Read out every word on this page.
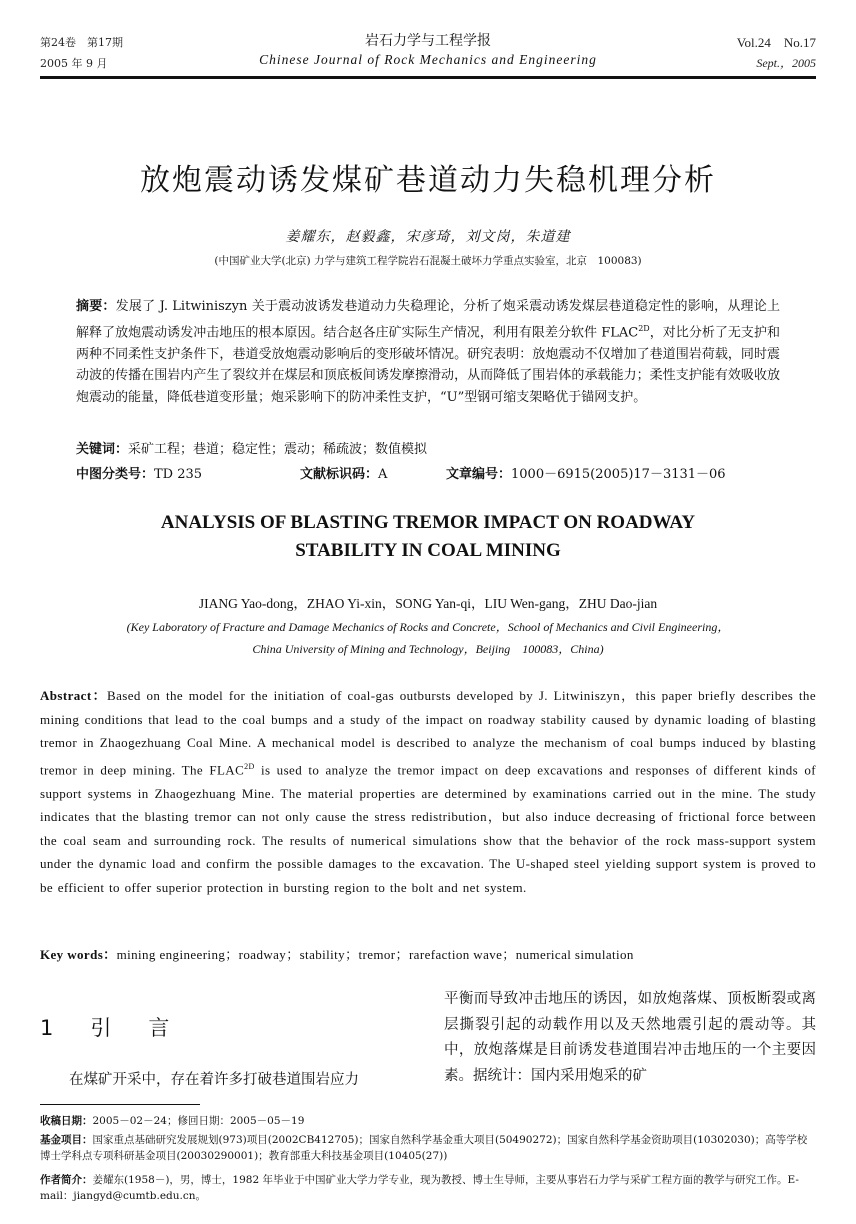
第24卷　第17期
2005 年 9 月
岩石力学与工程学报
Chinese Journal of Rock Mechanics and Engineering
Vol.24　No.17
Sept.，2005
放炮震动诱发煤矿巷道动力失稳机理分析
姜耀东，赵毅鑫，宋彦琦，刘文岗，朱道建
(中国矿业大学(北京) 力学与建筑工程学院岩石混凝土破坏力学重点实验室，北京　100083)
摘要：发展了 J. Litwiniszyn 关于震动波诱发巷道动力失稳理论，分析了炮采震动诱发煤层巷道稳定性的影响，从理论上解释了放炮震动诱发冲击地压的根本原因。结合赵各庄矿实际生产情况，利用有限差分软件 $FLAC^{2D}$，对比分析了无支护和两种不同柔性支护条件下，巷道受放炮震动影响后的变形破坏情况。研究表明：放炮震动不仅增加了巷道围岩荷载，同时震动波的传播在围岩内产生了裂纹并在煤层和顶底板间诱发摩擦滑动，从而降低了围岩体的承载能力；柔性支护能有效吸收放炮震动的能量，降低巷道变形量；炮采影响下的防冲柔性支护，“U”型钢可缩支架略优于锚网支护。
关键词：采矿工程；巷道；稳定性；震动；稀疏波；数值模拟
中图分类号：TD 235	文献标识码：A	文章编号：1000－6915(2005)17－3131－06
ANALYSIS OF BLASTING TREMOR IMPACT ON ROADWAY
STABILITY IN COAL MINING
JIANG Yao-dong，ZHAO Yi-xin，SONG Yan-qi，LIU Wen-gang，ZHU Dao-jian
(Key Laboratory of Fracture and Damage Mechanics of Rocks and Concrete，School of Mechanics and Civil Engineering，
China University of Mining and Technology，Beijing　100083，China)
Abstract：Based on the model for the initiation of coal-gas outbursts developed by J. Litwiniszyn，this paper briefly describes the mining conditions that lead to the coal bumps and a study of the impact on roadway stability caused by dynamic loading of blasting tremor in Zhaogezhuang Coal Mine. A mechanical model is described to analyze the mechanism of coal bumps induced by blasting tremor in deep mining. The $FLAC^{2D}$ is used to analyze the tremor impact on deep excavations and responses of different kinds of support systems in Zhaogezhuang Mine. The material properties are determined by examinations carried out in the mine. The study indicates that the blasting tremor can not only cause the stress redistribution，but also induce decreasing of frictional force between the coal seam and surrounding rock. The results of numerical simulations show that the behavior of the rock mass-support system under the dynamic load and confirm the possible damages to the excavation. The U-shaped steel yielding support system is proved to be efficient to offer superior protection in bursting region to the bolt and net system.
Key words：mining engineering；roadway；stability；tremor；rarefaction wave；numerical simulation
1　引　言
在煤矿开采中，存在着许多打破巷道围岩应力
平衡而导致冲击地压的诱因，如放炮落煤、顶板断裂或离层撕裂引起的动载作用以及天然地震引起的震动等。其中，放炮落煤是目前诱发巷道围岩冲击地压的一个主要因素。据统计：国内采用炮采的矿
收稿日期：2005－02－24；修回日期：2005－05－19
基金项目：国家重点基础研究发展规划(973)项目(2002CB412705)；国家自然科学基金重大项目(50490272)；国家自然科学基金资助项目(10302030)；高等学校博士学科点专项科研基金项目(20030290001)；教育部重大科技基金项目(10405(27))
作者简介：姜耀东(1958－)，男，博士，1982 年毕业于中国矿业大学力学专业，现为教授、博士生导师，主要从事岩石力学与采矿工程方面的教学与研究工作。E-mail：jiangyd@cumtb.edu.cn。
